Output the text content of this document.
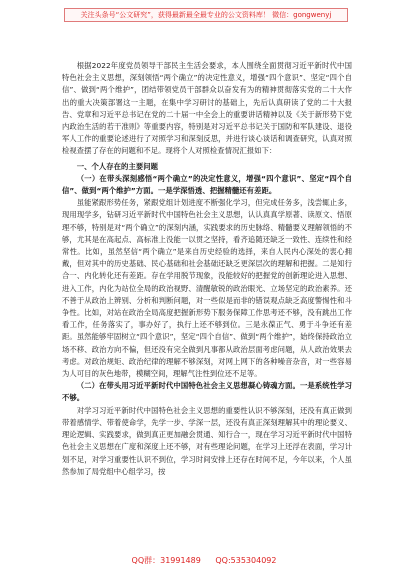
关注头条号“公文研究”，获得最新最全最专业的公文资料库！ 微信：gongwenyj

根据2022年度党员领导干部民主生活会要求，本人围绕全面贯彻习近平新时代中国特色社会主义思想，深刻领悟“两个确立”的决定性意义，增强“四个意识”、坚定“四个自信”、做到“两个维护”，团结带领党员干部群众以奋发有为的精神贯彻落实党的二十大作出的重大决策部署这一主题，在集中学习研讨的基础上，先后认真研读了党的二十大报告、党章和习近平总书记在党的二十届一中全会上的重要讲话精神以及《关于新形势下党内政治生活的若干准则》等重要内容，特别是对习近平总书记关于国防和军队建设、退役军人工作的重要论述进行了对照学习和深刻反思，并进行谈心谈话和调查研究，认真对照检视查摆了存在的问题和不足。现将个人对照检查情况汇报如下：

一、个人存在的主要问题

（一）在带头深刻感悟“两个确立”的决定性意义，增强“四个意识”、坚定“四个自信”、做到“两个维护”方面。一是学深悟透、把握精髓还有差距。

虽能紧跟形势任务，紧跟党组计划进度不断强化学习，但完成任务多，浅尝辄止多，现用现学多，钻研习近平新时代中国特色社会主义思想，认认真真学原著、读原文、悟原理不够，特别是对“两个确立”的深刻内涵，实践要求的历史脉络、精髓要义理解领悟的不够，尤其是在高起点、高标准上没能一以贯之坚持，看齐追随还缺乏一致性、连续性和经常性。比如，虽然坚信“两个确立”是来自历史经验的选择，来自人民内心深处的衷心拥戴，但对其中的历史基础、民心基础和社会基础还缺乏更深层次的理解和把握。二是知行合一、内化转化还有差距。存在学用脱节现象，没能较好的把握党的创新理论进入思想、进入工作，内化为站位全局的政治视野、清醒敏锐的政治眼光、立场坚定的政治素养。还不善于从政治上辨别、分析和判断问题，对一些似是而非的错误观点缺乏高度警惕性和斗争性。比如，对站在政治全局高度把握新形势下服务保障工作思考还不够，没有跳出工作看工作，任务落实了，事办好了，执行上还不够到位。三是永葆正气、勇于斗争还有差距。虽然能够牢固树立“四个意识”，坚定“四个自信”、做到“两个维护”，始终保持政治立场不移、政治方向不偏，但还没有完全做到凡事都从政治层面考虑问题，从人政治效果去考虑。对政治规矩、政治纪律的理解不够深刻，对网上网下的各种噪音杂音，对一些容易为人可目的灰色地带，模糊空间，理解气注性到位还不足等。

（二）在带头用习近平新时代中国特色社会主义思想凝心铸魂方面。一是系统性学习不够。

对学习习近平新时代中国特色社会主义思想的重要性认识不够深刻，还没有真正做到带着感情学、带着使命学，先学一步、学深一层，还没有真正深刻理解其中的理论要义、理论逻辑、实践要求，做到真正更加融会贯通、知行合一，现在学习习近平新时代中国特色社会主义思想在广度和深度上还不够，对有些理论问题，在学习上还浮在表面，学习计划不足，对学习重要性认识不到位，学习时间安排上还存在时间不足，今年以来，个人虽然参加了局党组中心组学习，按

QQ群：31991489 QQ:535304092
